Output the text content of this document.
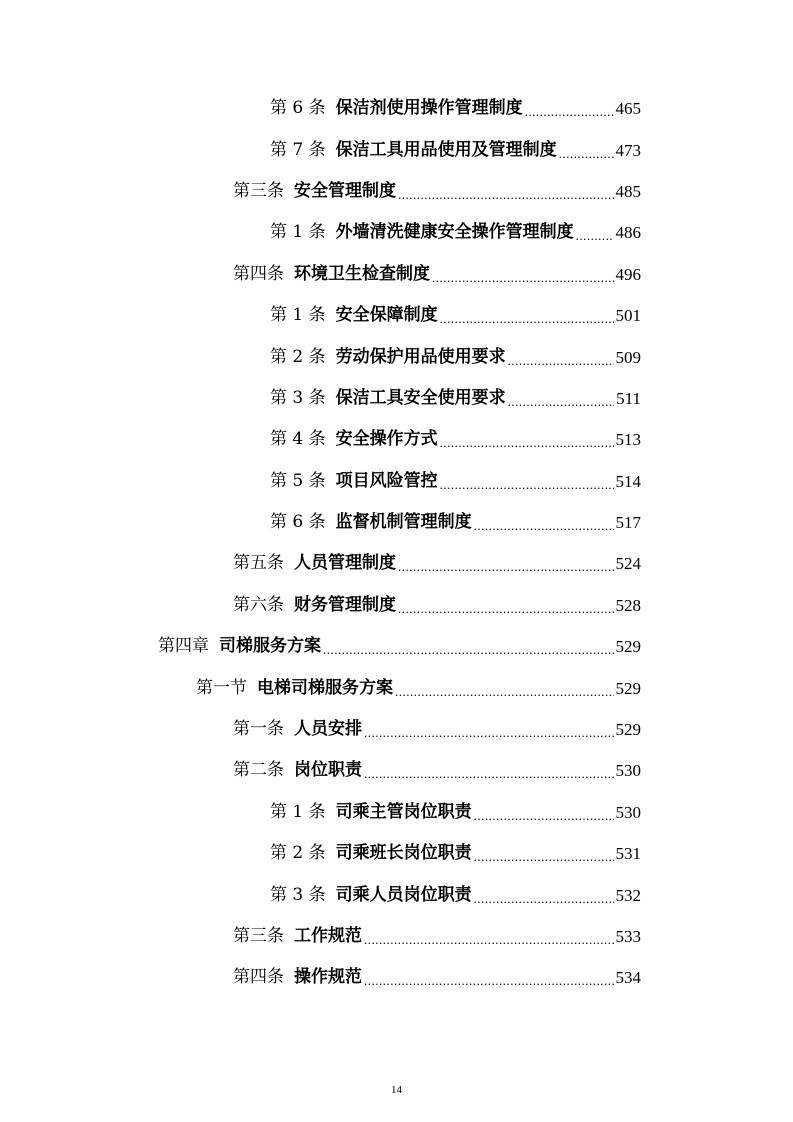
第 6 条 保洁剂使用操作管理制度 .....	465
第 7 条 保洁工具用品使用及管理制度 .....	473
第三条 安全管理制度 .....	485
第 1 条 外墙清洗健康安全操作管理制度 ..... 486
第四条 环境卫生检查制度 .....	496
第 1 条 安全保障制度 .....	501
第 2 条 劳动保护用品使用要求 .....	509
第 3 条 保洁工具安全使用要求 .....	511
第 4 条 安全操作方式 .....	513
第 5 条 项目风险管控 .....	514
第 6 条 监督机制管理制度 .....	517
第五条 人员管理制度 .....	524
第六条 财务管理制度 .....	528
第四章 司梯服务方案 .....	529
第一节 电梯司梯服务方案 .....	529
第一条 人员安排 .....	529
第二条 岗位职责 .....	530
第 1 条 司乘主管岗位职责 .....	530
第 2 条 司乘班长岗位职责 .....	531
第 3 条 司乘人员岗位职责 .....	532
第三条 工作规范 .....	533
第四条 操作规范 .....	534
14
